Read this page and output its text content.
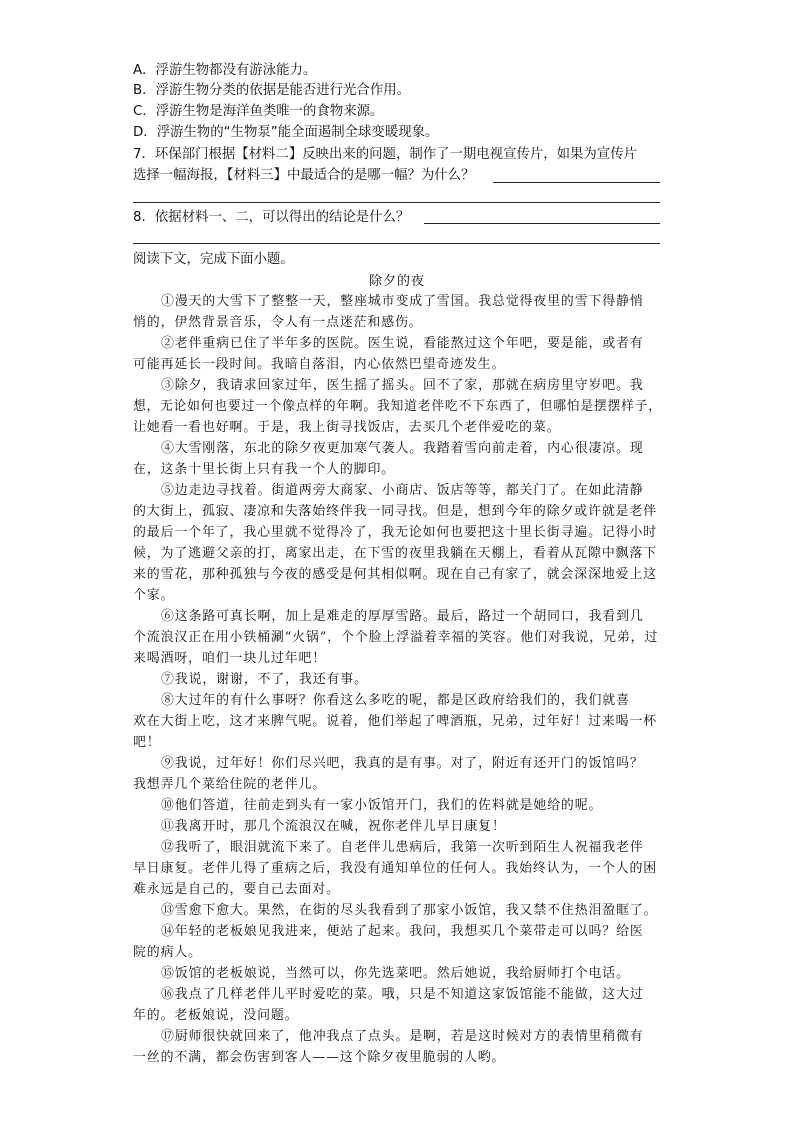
A．浮游生物都没有游泳能力。
B．浮游生物分类的依据是能否进行光合作用。
C．浮游生物是海洋鱼类唯一的食物来源。
D．浮游生物的“生物泵”能全面遏制全球变暖现象。
7．环保部门根据【材料二】反映出来的问题，制作了一期电视宣传片，如果为宣传片
选择一幅海报，【材料三】中最适合的是哪一幅？为什么？
8．依据材料一、二，可以得出的结论是什么？
阅读下文，完成下面小题。
除夕的夜
①漫天的大雪下了整整一天，整座城市变成了雪国。我总觉得夜里的雪下得静悄
悄的，伊然背景音乐，令人有一点迷茫和感伤。
②老伴重病已住了半年多的医院。医生说，看能熬过这个年吧，要是能，或者有
可能再延长一段时间。我暗自落泪，内心依然巴望奇迹发生。
③除夕，我请求回家过年，医生摇了摇头。回不了家，那就在病房里守岁吧。我
想，无论如何也要过一个像点样的年啊。我知道老伴吃不下东西了，但哪怕是摆摆样子，
让她看一看也好啊。于是，我上街寻找饭店，去买几个老伴爱吃的菜。
④大雪刚落，东北的除夕夜更加寒气袭人。我踏着雪向前走着，内心很凄凉。现
在，这条十里长街上只有我一个人的脚印。
⑤边走边寻找着。街道两旁大商家、小商店、饭店等等，都关门了。在如此清静
的大街上，孤寂、凄凉和失落始终伴我一同寻找。但是，想到今年的除夕或许就是老伴
的最后一个年了，我心里就不觉得冷了，我无论如何也要把这十里长街寻遍。记得小时
候，为了逃避父亲的打，离家出走，在下雪的夜里我躺在天棚上，看着从瓦隙中飘落下
来的雪花，那种孤独与今夜的感受是何其相似啊。现在自己有家了，就会深深地爱上这
个家。
⑥这条路可真长啊，加上是难走的厚厚雪路。最后，路过一个胡同口，我看到几
个流浪汉正在用小铁桶涮“火锅”，个个脸上浮溢着幸福的笑容。他们对我说，兄弟，过
来喝酒呀，咱们一块儿过年吧！
⑦我说，谢谢，不了，我还有事。
⑧大过年的有什么事呀？你看这么多吃的呢，都是区政府给我们的，我们就喜
欢在大街上吃，这才来脾气呢。说着，他们举起了啤酒瓶，兄弟，过年好！过来喝一杯
吧！
⑨我说，过年好！你们尽兴吧，我真的是有事。对了，附近有还开门的饭馆吗？
我想弄几个菜给住院的老伴儿。
⑩他们答道，往前走到头有一家小饭馆开门，我们的佐料就是她给的呢。
⑪我离开时，那几个流浪汉在喊，祝你老伴儿早日康复！
⑫我听了，眼泪就流下来了。自老伴儿患病后，我第一次听到陌生人祝福我老伴
早日康复。老伴儿得了重病之后，我没有通知单位的任何人。我始终认为，一个人的困
难永远是自己的，要自己去面对。
⑬雪愈下愈大。果然，在街的尽头我看到了那家小饭馆，我又禁不住热泪盈眶了。
⑭年轻的老板娘见我进来，便站了起来。我问，我想买几个菜带走可以吗？给医
院的病人。
⑮饭馆的老板娘说，当然可以，你先选菜吧。然后她说，我给厨师打个电话。
⑯我点了几样老伴儿平时爱吃的菜。哦，只是不知道这家饭馆能不能做，这大过
年的。老板娘说，没问题。
⑰厨师很快就回来了，他冲我点了点头。是啊，若是这时候对方的表情里稍微有
一丝的不满，都会伤害到客人——这个除夕夜里脆弱的人哟。
